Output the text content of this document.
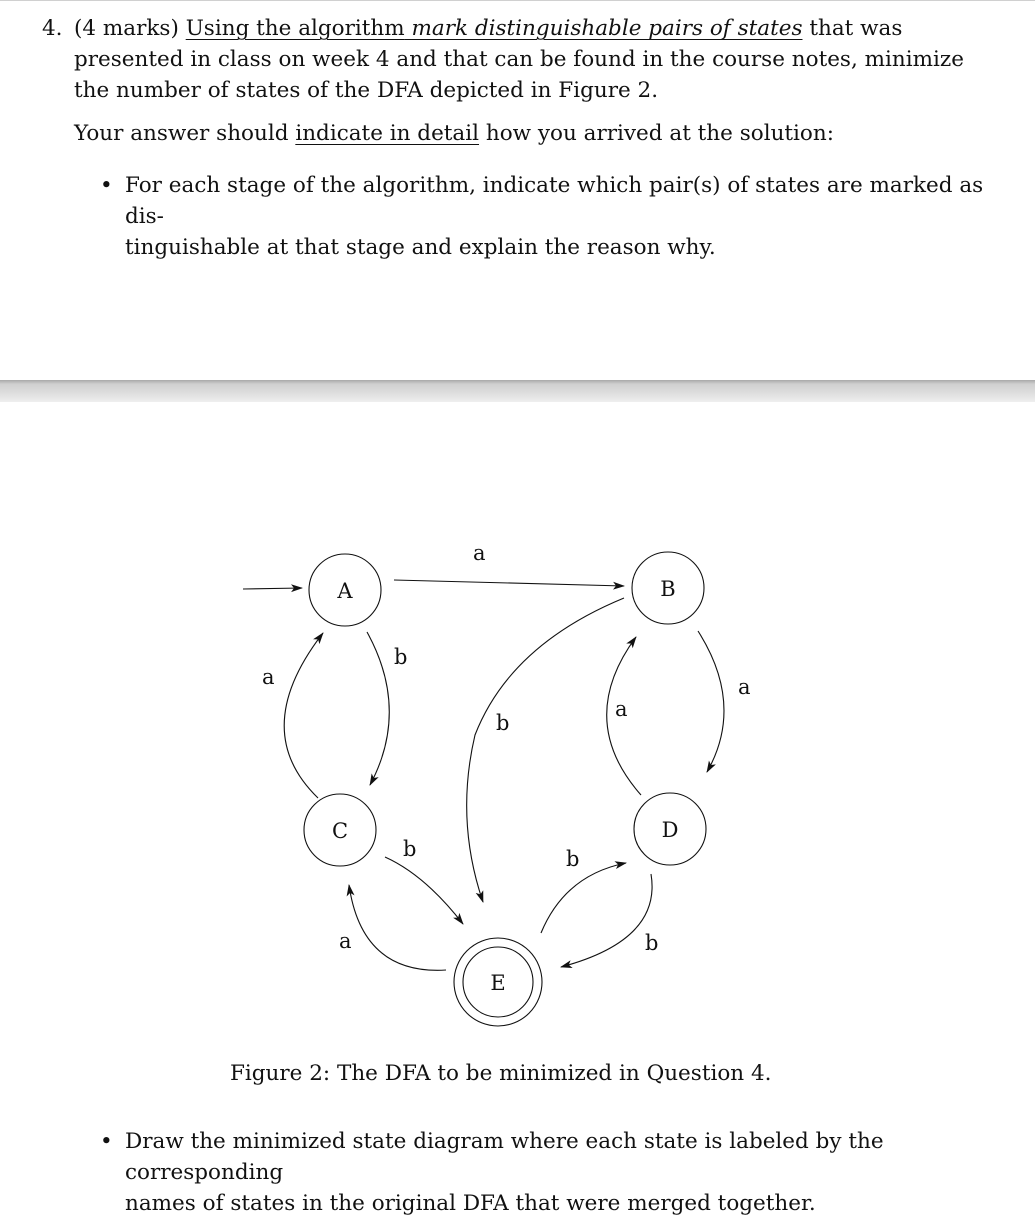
4. (4 marks) Using the algorithm mark distinguishable pairs of states that was presented in class on week 4 and that can be found in the course notes, minimize the number of states of the DFA depicted in Figure 2.
Your answer should indicate in detail how you arrived at the solution:
• For each stage of the algorithm, indicate which pair(s) of states are marked as dis-
tinguishable at that stage and explain the reason why.
a
b
a
b
a
b
a
b
a
b
A	B
C	D
E
Figure 2: The DFA to be minimized in Question 4.
• Draw the minimized state diagram where each state is labeled by the corresponding
names of states in the original DFA that were merged together.
